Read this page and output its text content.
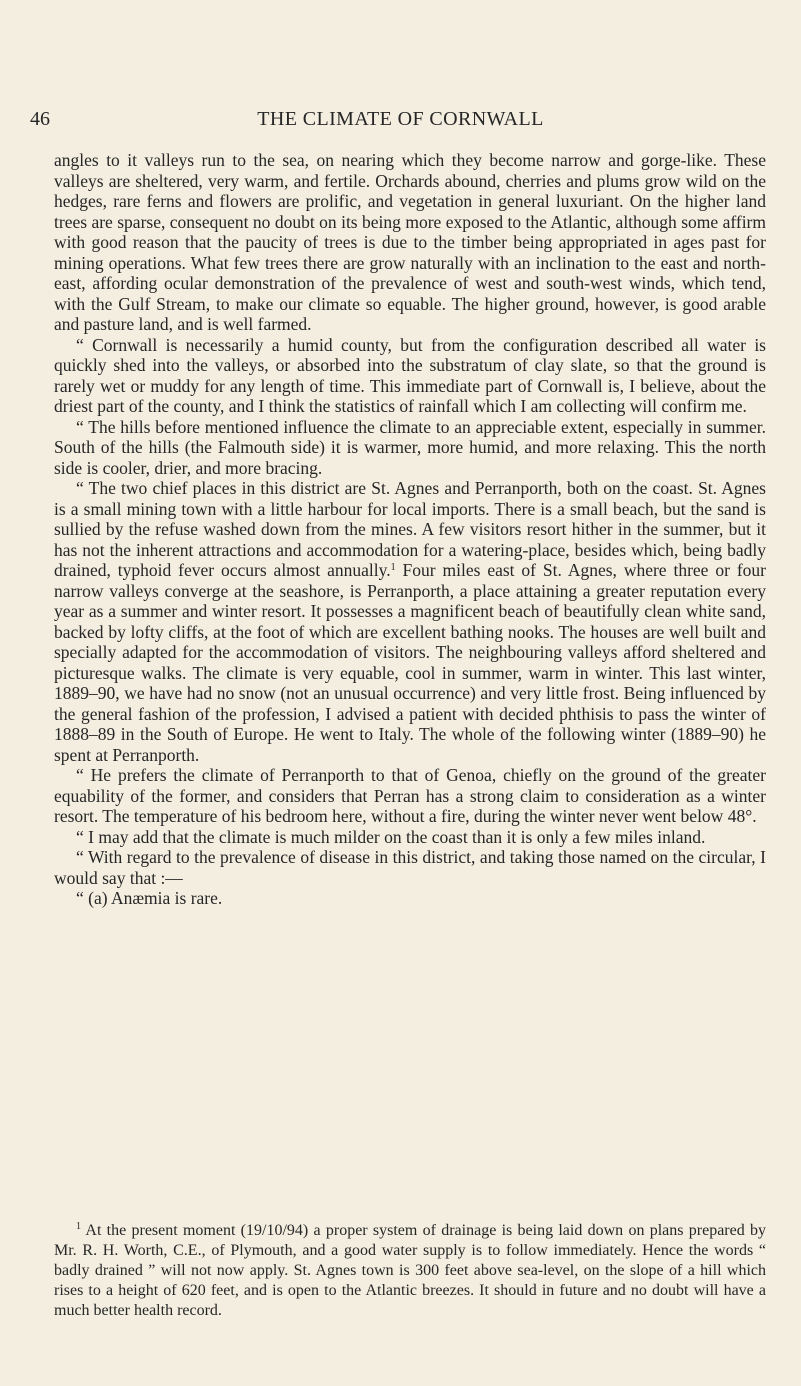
46	THE CLIMATE OF CORNWALL

angles to it valleys run to the sea, on nearing which they become narrow and gorge-like. These valleys are sheltered, very warm, and fertile. Orchards abound, cherries and plums grow wild on the hedges, rare ferns and flowers are prolific, and vegetation in general luxuriant. On the higher land trees are sparse, consequent no doubt on its being more exposed to the Atlantic, although some affirm with good reason that the paucity of trees is due to the timber being appropriated in ages past for mining operations. What few trees there are grow naturally with an inclination to the east and north-east, affording ocular demonstration of the prevalence of west and south-west winds, which tend, with the Gulf Stream, to make our climate so equable. The higher ground, however, is good arable and pasture land, and is well farmed.

“ Cornwall is necessarily a humid county, but from the configuration described all water is quickly shed into the valleys, or absorbed into the substratum of clay slate, so that the ground is rarely wet or muddy for any length of time. This immediate part of Cornwall is, I believe, about the driest part of the county, and I think the statistics of rainfall which I am collecting will confirm me.

“ The hills before mentioned influence the climate to an appreciable extent, especially in summer. South of the hills (the Falmouth side) it is warmer, more humid, and more relaxing. This the north side is cooler, drier, and more bracing.

“ The two chief places in this district are St. Agnes and Perranporth, both on the coast. St. Agnes is a small mining town with a little harbour for local imports. There is a small beach, but the sand is sullied by the refuse washed down from the mines. A few visitors resort hither in the summer, but it has not the inherent attractions and accommodation for a watering-place, besides which, being badly drained, typhoid fever occurs almost annually.$^1$ Four miles east of St. Agnes, where three or four narrow valleys converge at the seashore, is Perranporth, a place attaining a greater reputation every year as a summer and winter resort. It possesses a magnificent beach of beautifully clean white sand, backed by lofty cliffs, at the foot of which are excellent bathing nooks. The houses are well built and specially adapted for the accommodation of visitors. The neighbouring valleys afford sheltered and picturesque walks. The climate is very equable, cool in summer, warm in winter. This last winter, 1889–90, we have had no snow (not an unusual occurrence) and very little frost. Being influenced by the general fashion of the profession, I advised a patient with decided phthisis to pass the winter of 1888–89 in the South of Europe. He went to Italy. The whole of the following winter (1889–90) he spent at Perranporth.

“ He prefers the climate of Perranporth to that of Genoa, chiefly on the ground of the greater equability of the former, and considers that Perran has a strong claim to consideration as a winter resort. The temperature of his bedroom here, without a fire, during the winter never went below 48°.

“ I may add that the climate is much milder on the coast than it is only a few miles inland.

“ With regard to the prevalence of disease in this district, and taking those named on the circular, I would say that :—

“ (a) Anæmia is rare.

$^1$ At the present moment (19/10/94) a proper system of drainage is being laid down on plans prepared by Mr. R. H. Worth, C.E., of Plymouth, and a good water supply is to follow immediately. Hence the words “ badly drained ” will not now apply. St. Agnes town is 300 feet above sea-level, on the slope of a hill which rises to a height of 620 feet, and is open to the Atlantic breezes. It should in future and no doubt will have a much better health record.
